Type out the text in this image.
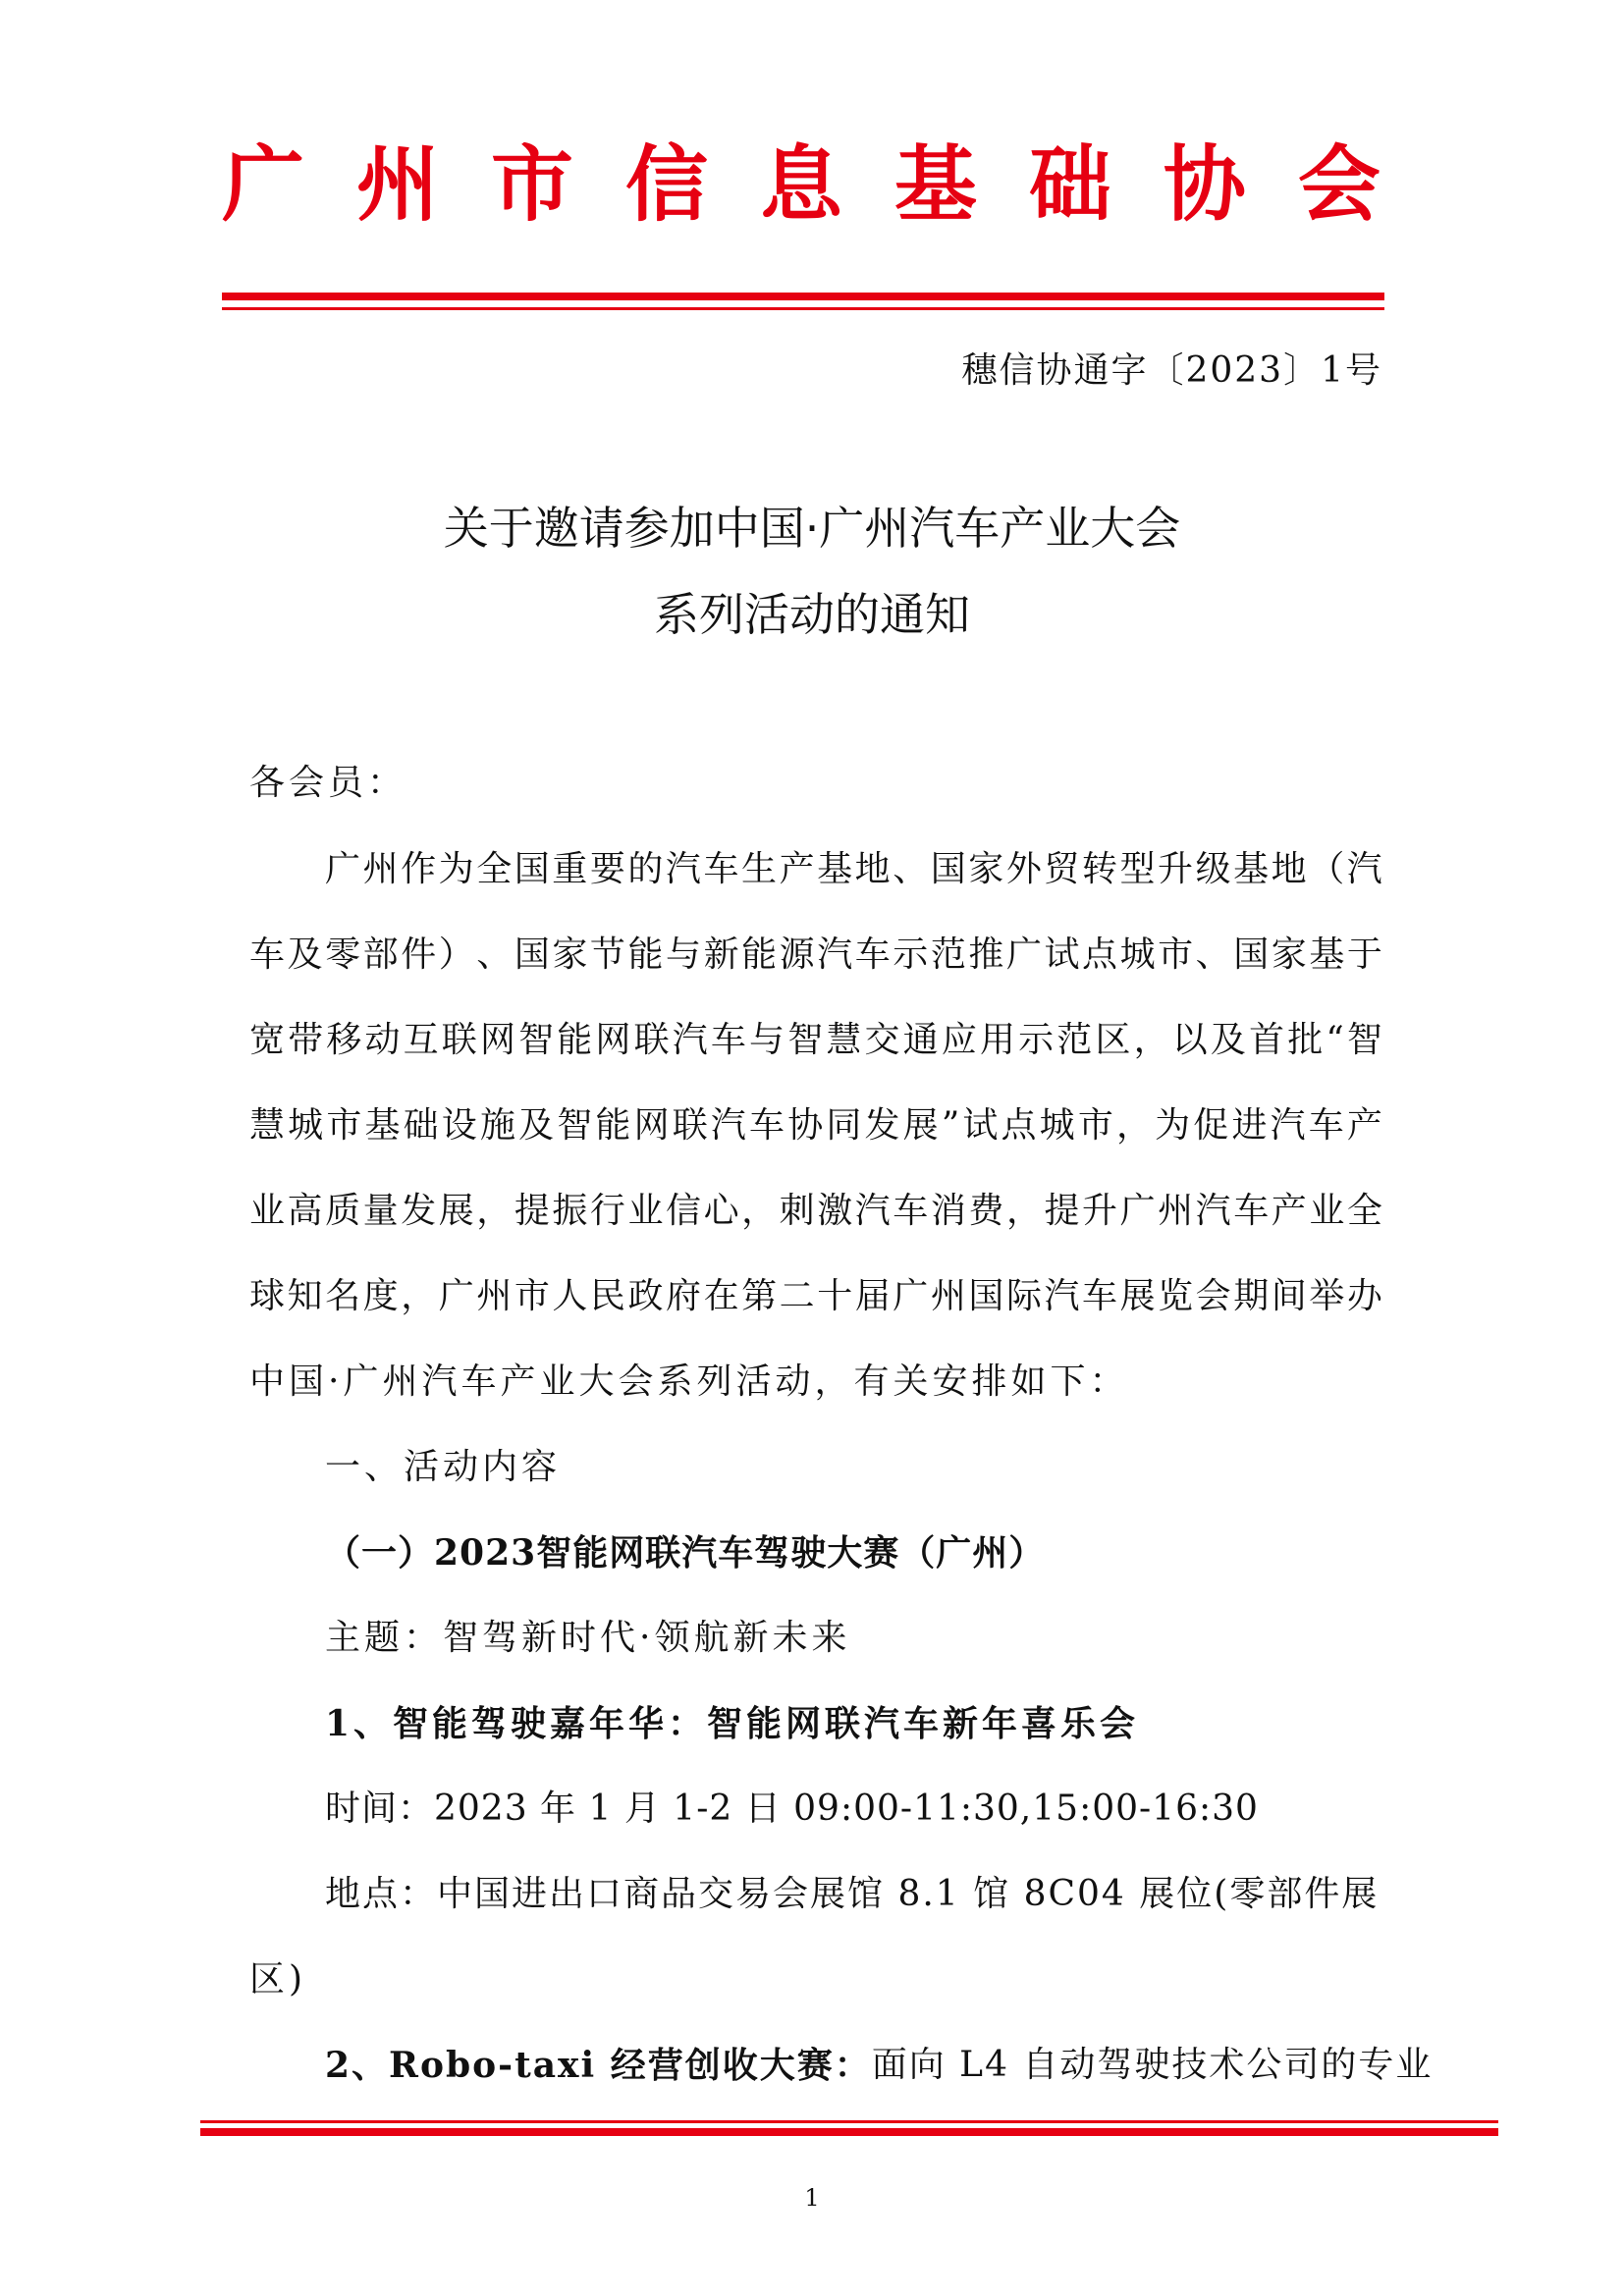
广 州 市 信 息 基 础 协 会
穗信协通字〔2023〕1号
关于邀请参加中国·广州汽车产业大会
系列活动的通知
各会员：
广 州 作 为 全 国 重 要 的 汽 车 生 产 基 地 、 国 家 外 贸 转 型 升 级 基 地 （ 汽
车 及 零 部 件 ） 、 国 家 节 能 与 新 能 源 汽 车 示 范 推 广 试 点 城 市 、 国 家 基 于
宽 带 移 动 互 联 网 智 能 网 联 汽 车 与 智 慧 交 通 应 用 示 范 区 ， 以 及 首 批 “ 智
慧 城 市 基 础 设 施 及 智 能 网 联 汽 车 协 同 发 展 ” 试 点 城 市 ， 为 促 进 汽 车 产
业 高 质 量 发 展 ， 提 振 行 业 信 心 ， 刺 激 汽 车 消 费 ， 提 升 广 州 汽 车 产 业 全
球 知 名 度 ， 广 州 市 人 民 政 府 在 第 二 十 届 广 州 国 际 汽 车 展 览 会 期 间 举 办
中国·广州汽车产业大会系列活动，有关安排如下：
一、活动内容
（一）2023智能网联汽车驾驶大赛（广州）
主题：智驾新时代·领航新未来
1、智能驾驶嘉年华：智能网联汽车新年喜乐会
时间：2023 年 1 月 1-2 日 09:00-11:30,15:00-16:30
地点：中国进出口商品交易会展馆 8.1 馆 8C04 展位(零部件展
区)
2、Robo-taxi 经营创收大赛： 面向 L4 自动驾驶技术公司的专业
1
